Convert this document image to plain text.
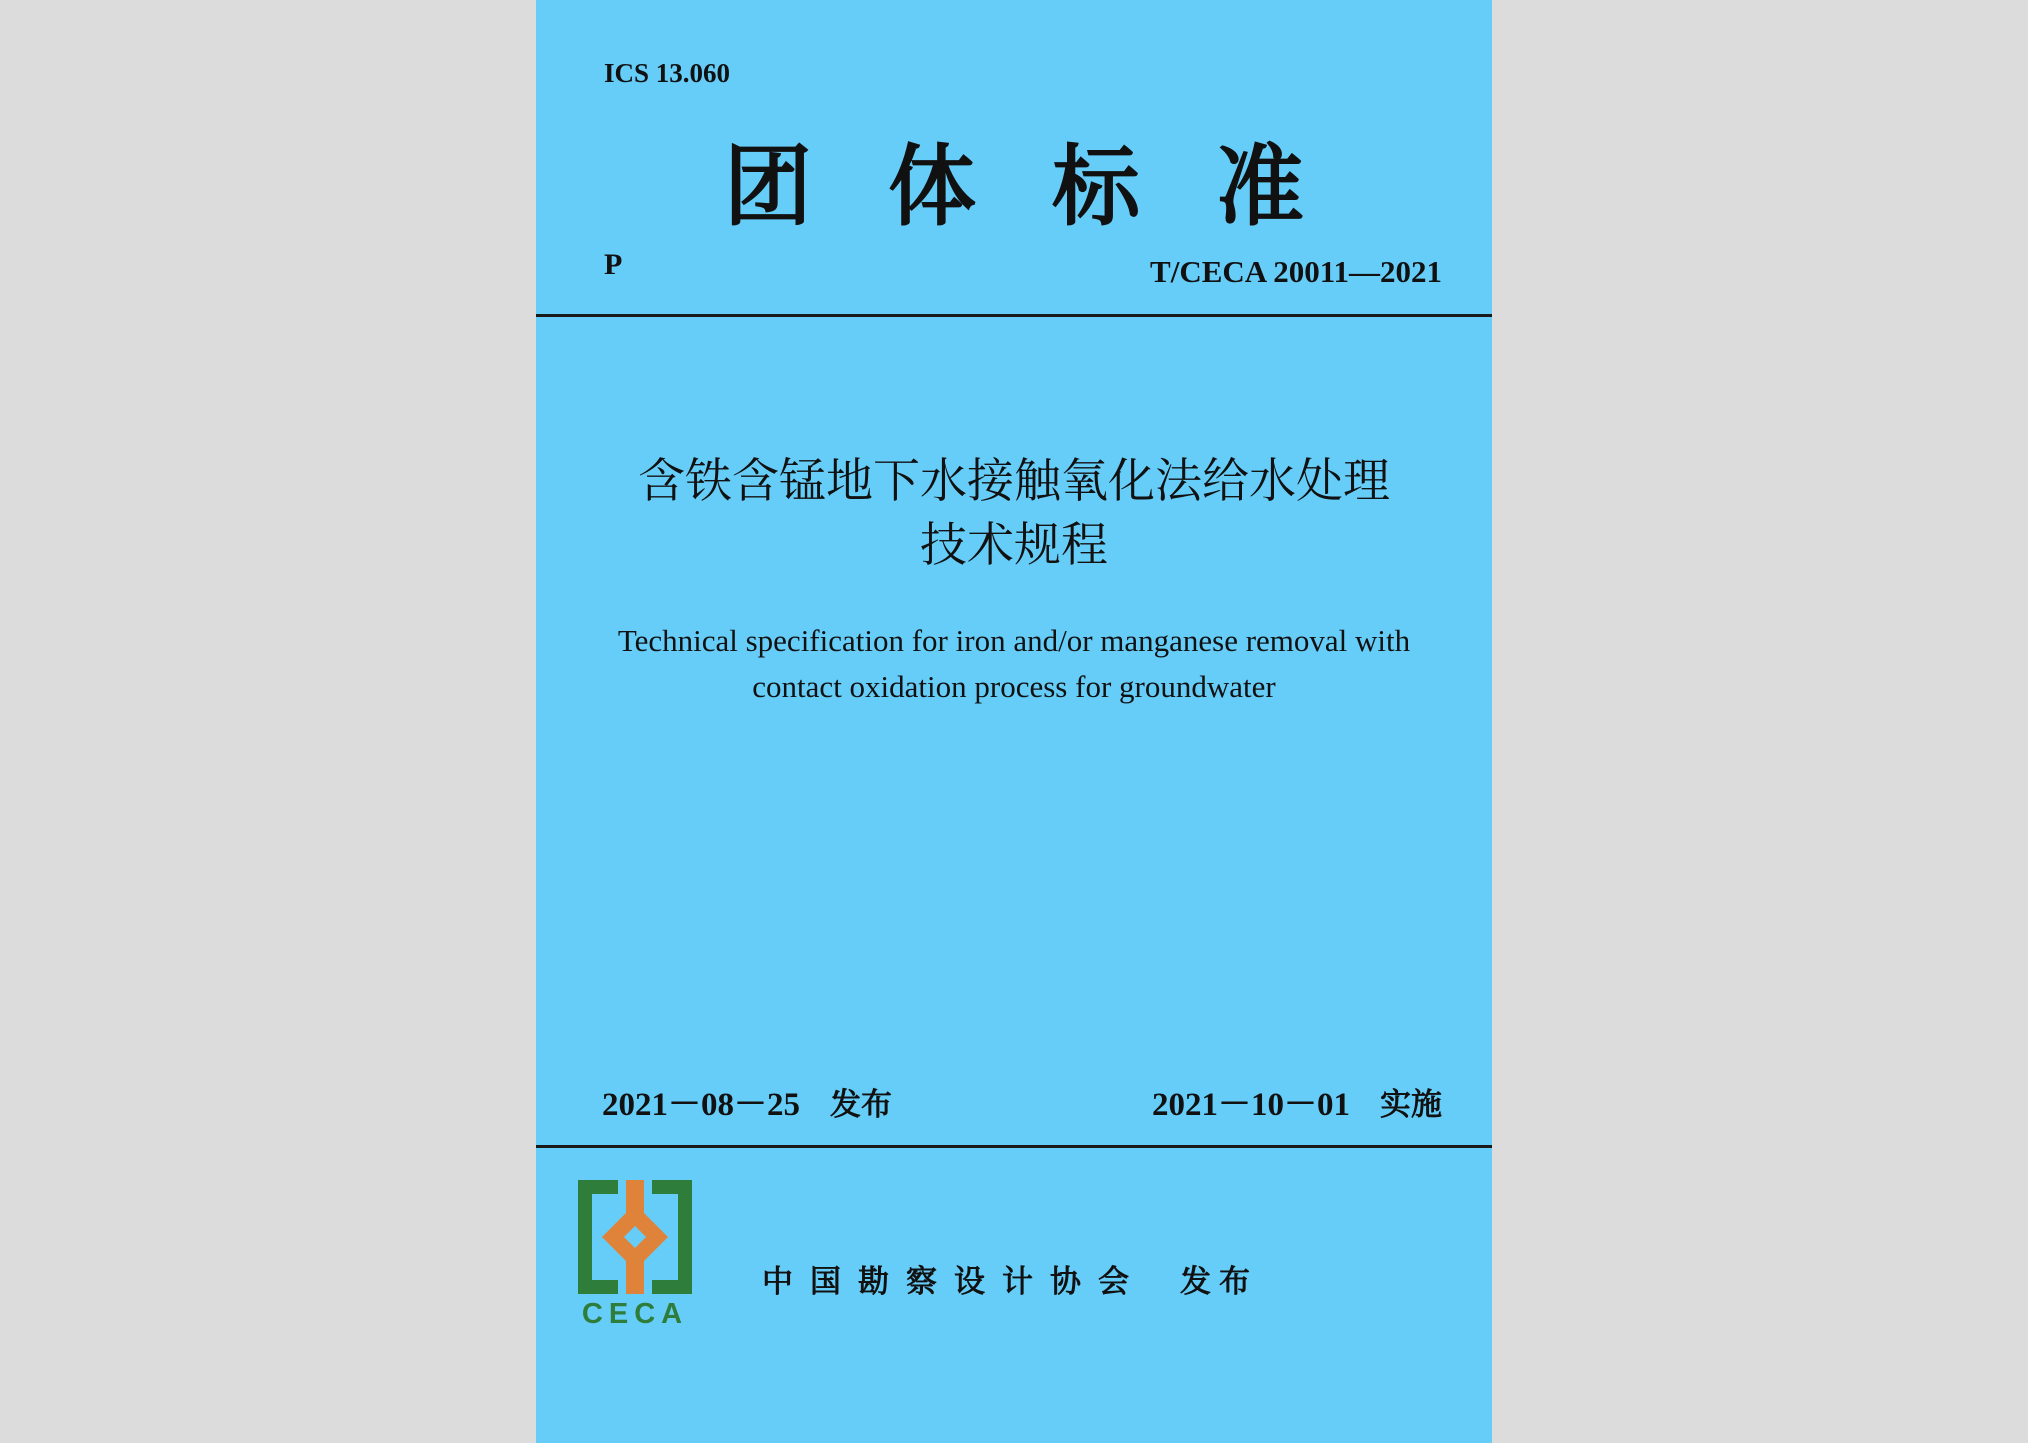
ICS 13.060
团体标准
P	T/CECA 20011—2021
含铁含锰地下水接触氧化法给水处理
技术规程
Technical specification for iron and/or manganese removal with
contact oxidation process for groundwater
2021－08－25 发布	2021－10－01 实施
CECA
中国勘察设计协会 发布
